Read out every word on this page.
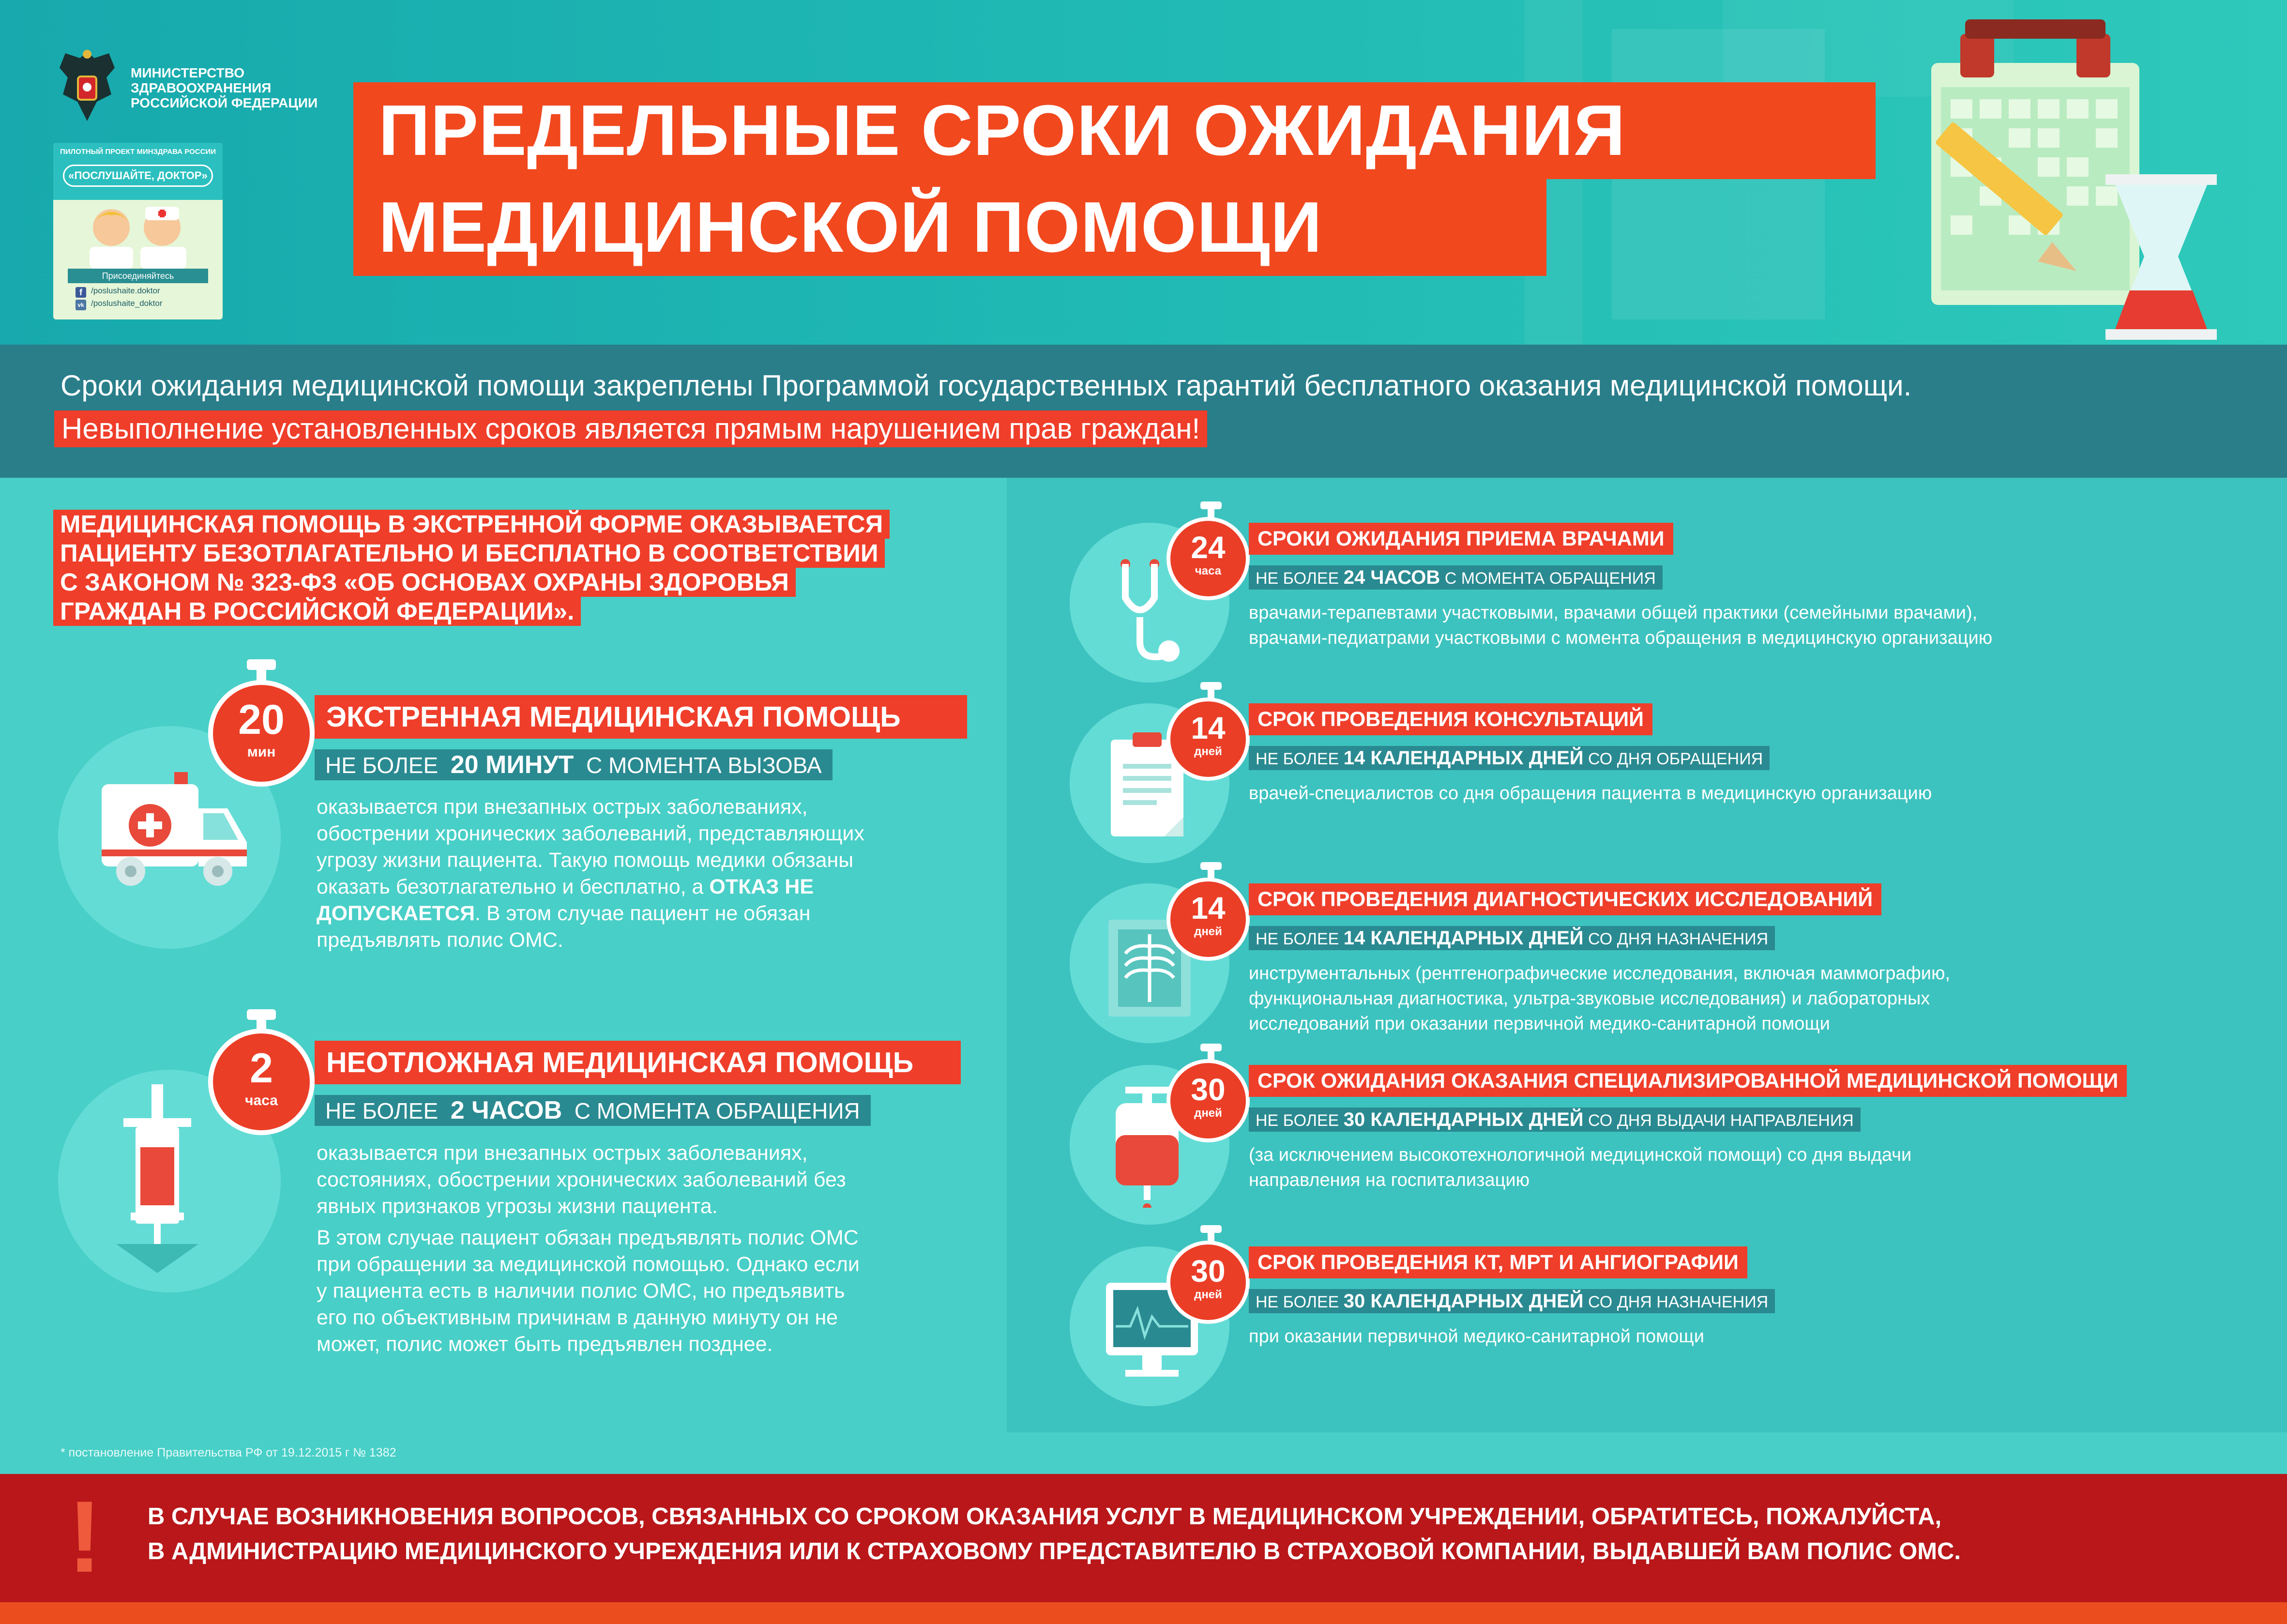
МИНИСТЕРСТВО
ЗДРАВООХРАНЕНИЯ
РОССИЙСКОЙ ФЕДЕРАЦИИ
ПИЛОТНЫЙ ПРОЕКТ МИНЗДРАВА РОССИИ
«ПОСЛУШАЙТЕ, ДОКТОР»
Присоединяйтесь
f	/poslushaite.doktor
vk /poslushaite_doktor
ПРЕДЕЛЬНЫЕ СРОКИ ОЖИДАНИЯ
МЕДИЦИНСКОЙ ПОМОЩИ
Сроки ожидания медицинской помощи закреплены Программой государственных гарантий бесплатного оказания медицинской помощи.
Невыполнение установленных сроков является прямым нарушением прав граждан!
МЕДИЦИНСКАЯ ПОМОЩЬ В ЭКСТРЕННОЙ ФОРМЕ ОКАЗЫВАЕТСЯ
ПАЦИЕНТУ БЕЗОТЛАГАТЕЛЬНО И БЕСПЛАТНО В СООТВЕТСТВИИ
С ЗАКОНОМ № 323-ФЗ «ОБ ОСНОВАХ ОХРАНЫ ЗДОРОВЬЯ
ГРАЖДАН В РОССИЙСКОЙ ФЕДЕРАЦИИ».
20
мин
ЭКСТРЕННАЯ МЕДИЦИНСКАЯ ПОМОЩЬ
НЕ БОЛЕЕ 20 МИНУТ С МОМЕНТА ВЫЗОВА
оказывается при внезапных острых заболеваниях,
обострении хронических заболеваний, представляющих
угрозу жизни пациента. Такую помощь медики обязаны
оказать безотлагательно и бесплатно, а ОТКАЗ НЕ
ДОПУСКАЕТСЯ. В этом случае пациент не обязан
предъявлять полис ОМС.
2
часа
НЕОТЛОЖНАЯ МЕДИЦИНСКАЯ ПОМОЩЬ
НЕ БОЛЕЕ 2 ЧАСОВ С МОМЕНТА ОБРАЩЕНИЯ
оказывается при внезапных острых заболеваниях,
состояниях, обострении хронических заболеваний без
явных признаков угрозы жизни пациента.
В этом случае пациент обязан предъявлять полис ОМС
при обращении за медицинской помощью. Однако если
у пациента есть в наличии полис ОМС, но предъявить
его по объективным причинам в данную минуту он не
может, полис может быть предъявлен позднее.
24
часа
СРОКИ ОЖИДАНИЯ ПРИЕМА ВРАЧАМИ
НЕ БОЛЕЕ 24 ЧАСОВ С МОМЕНТА ОБРАЩЕНИЯ
врачами-терапевтами участковыми, врачами общей практики (семейными врачами),
врачами-педиатрами участковыми с момента обращения в медицинскую организацию
14
дней
СРОК ПРОВЕДЕНИЯ КОНСУЛЬТАЦИЙ
НЕ БОЛЕЕ 14 КАЛЕНДАРНЫХ ДНЕЙ СО ДНЯ ОБРАЩЕНИЯ
врачей-специалистов со дня обращения пациента в медицинскую организацию
14
дней
СРОК ПРОВЕДЕНИЯ ДИАГНОСТИЧЕСКИХ ИССЛЕДОВАНИЙ
НЕ БОЛЕЕ 14 КАЛЕНДАРНЫХ ДНЕЙ СО ДНЯ НАЗНАЧЕНИЯ
инструментальных (рентгенографические исследования, включая маммографию,
функциональная диагностика, ультра-звуковые исследования) и лабораторных
исследований при оказании первичной медико-санитарной помощи
30
дней
СРОК ОЖИДАНИЯ ОКАЗАНИЯ СПЕЦИАЛИЗИРОВАННОЙ МЕДИЦИНСКОЙ ПОМОЩИ
НЕ БОЛЕЕ 30 КАЛЕНДАРНЫХ ДНЕЙ СО ДНЯ ВЫДАЧИ НАПРАВЛЕНИЯ
(за исключением высокотехнологичной медицинской помощи) со дня выдачи
направления на госпитализацию
30
дней
СРОК ПРОВЕДЕНИЯ КТ, МРТ И АНГИОГРАФИИ
НЕ БОЛЕЕ 30 КАЛЕНДАРНЫХ ДНЕЙ СО ДНЯ НАЗНАЧЕНИЯ
при оказании первичной медико-санитарной помощи
* постановление Правительства РФ от 19.12.2015 г № 1382
! В СЛУЧАЕ ВОЗНИКНОВЕНИЯ ВОПРОСОВ, СВЯЗАННЫХ СО СРОКОМ ОКАЗАНИЯ УСЛУГ В МЕДИЦИНСКОМ УЧРЕЖДЕНИИ, ОБРАТИТЕСЬ, ПОЖАЛУЙСТА,
В АДМИНИСТРАЦИЮ МЕДИЦИНСКОГО УЧРЕЖДЕНИЯ ИЛИ К СТРАХОВОМУ ПРЕДСТАВИТЕЛЮ В СТРАХОВОЙ КОМПАНИИ, ВЫДАВШЕЙ ВАМ ПОЛИС ОМС.
